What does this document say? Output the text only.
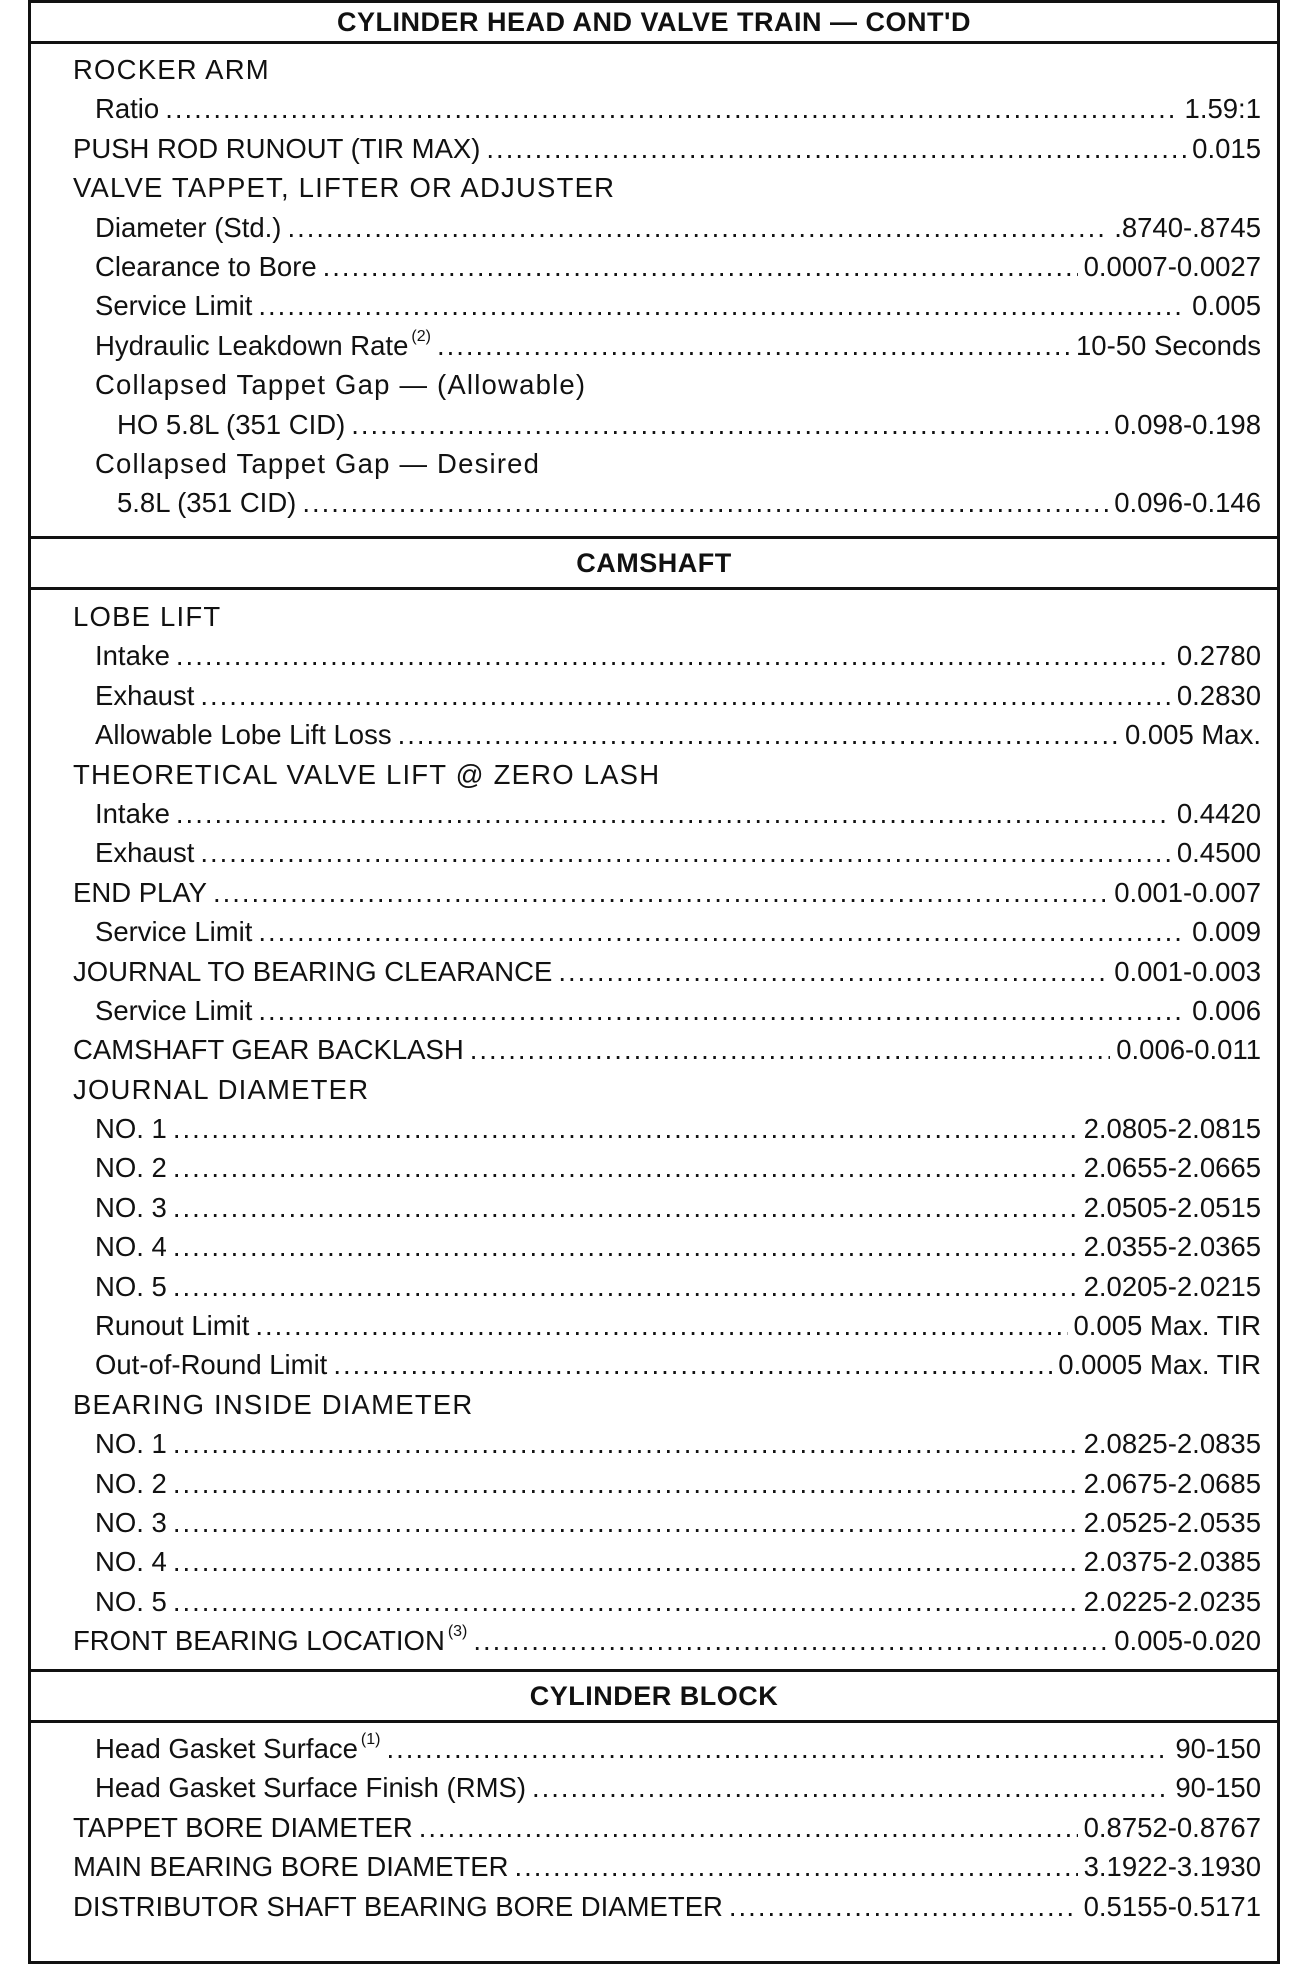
CYLINDER HEAD AND VALVE TRAIN — CONT'D
ROCKER ARM
Ratio .....	1.59:1
PUSH ROD RUNOUT (TIR MAX) .....	0.015
VALVE TAPPET, LIFTER OR ADJUSTER
Diameter (Std.) .....	.8740-.8745
Clearance to Bore .....	0.0007-0.0027
Service Limit .....	0.005
Hydraulic Leakdown Rate $^{(2)}$ .....	10-50 Seconds
Collapsed Tappet Gap — (Allowable)
HO 5.8L (351 CID) .....	0.098-0.198
Collapsed Tappet Gap — Desired
5.8L (351 CID) .....	0.096-0.146
CAMSHAFT
LOBE LIFT
Intake .....	0.2780
Exhaust .....	0.2830
Allowable Lobe Lift Loss .....	0.005 Max.
THEORETICAL VALVE LIFT @ ZERO LASH
Intake .....	0.4420
Exhaust .....	0.4500
END PLAY .....	0.001-0.007
Service Limit .....	0.009
JOURNAL TO BEARING CLEARANCE .....	0.001-0.003
Service Limit .....	0.006
CAMSHAFT GEAR BACKLASH .....	0.006-0.011
JOURNAL DIAMETER
NO. 1 .....	2.0805-2.0815
NO. 2 .....	2.0655-2.0665
NO. 3 .....	2.0505-2.0515
NO. 4 .....	2.0355-2.0365
NO. 5 .....	2.0205-2.0215
Runout Limit .....	0.005 Max. TIR
Out-of-Round Limit .....	0.0005 Max. TIR
BEARING INSIDE DIAMETER
NO. 1 .....	2.0825-2.0835
NO. 2 .....	2.0675-2.0685
NO. 3 .....	2.0525-2.0535
NO. 4 .....	2.0375-2.0385
NO. 5 .....	2.0225-2.0235
FRONT BEARING LOCATION $^{(3)}$ .....	0.005-0.020
CYLINDER BLOCK
Head Gasket Surface $^{(1)}$ .....	90-150
Head Gasket Surface Finish (RMS) .....	90-150
TAPPET BORE DIAMETER .....	0.8752-0.8767
MAIN BEARING BORE DIAMETER .....	3.1922-3.1930
DISTRIBUTOR SHAFT BEARING BORE DIAMETER .....	0.5155-0.5171
